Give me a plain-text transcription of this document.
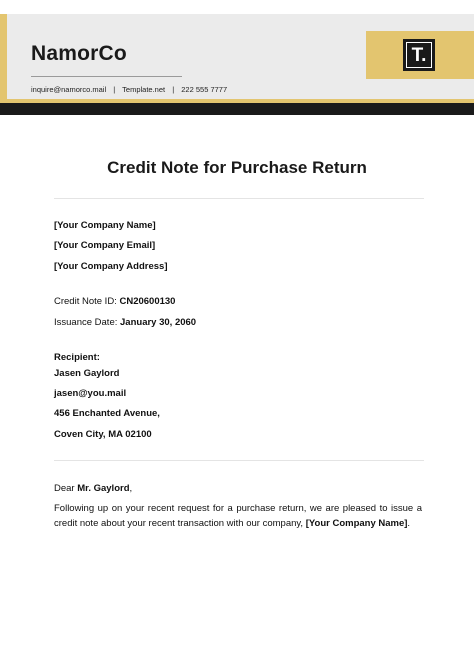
NamorCo
inquire@namorco.mail | Template.net | 222 555 7777
T.
Credit Note for Purchase Return
[Your Company Name]
[Your Company Email]
[Your Company Address]
Credit Note ID: CN20600130
Issuance Date: January 30, 2060
Recipient:
Jasen Gaylord
jasen@you.mail
456 Enchanted Avenue,
Coven City, MA 02100
Dear Mr. Gaylord,
Following up on your recent request for a purchase return, we are pleased to issue a credit note about your recent transaction with our company, [Your Company Name].
